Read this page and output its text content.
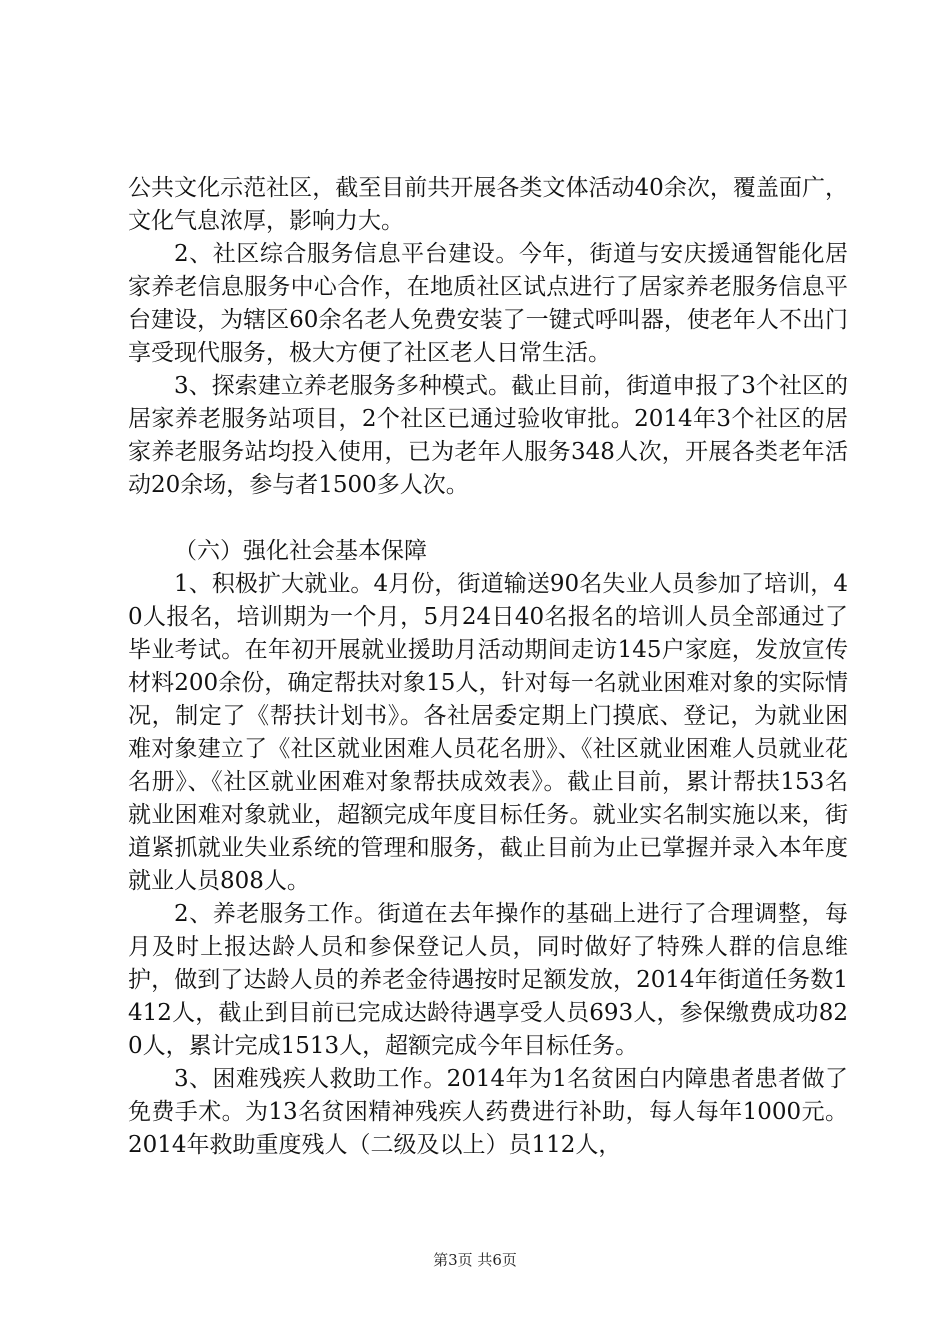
公共文化示范社区，截至目前共开展各类文体活动40余次，覆盖面广，文化气息浓厚，影响力大。

2、社区综合服务信息平台建设。今年，街道与安庆援通智能化居家养老信息服务中心合作，在地质社区试点进行了居家养老服务信息平台建设，为辖区60余名老人免费安装了一键式呼叫器，使老年人不出门享受现代服务，极大方便了社区老人日常生活。

3、探索建立养老服务多种模式。截止目前，街道申报了3个社区的居家养老服务站项目，2个社区已通过验收审批。2014年3个社区的居家养老服务站均投入使用，已为老年人服务348人次，开展各类老年活动20余场，参与者1500多人次。

（六）强化社会基本保障

1、积极扩大就业。4月份，街道输送90名失业人员参加了培训，40人报名，培训期为一个月，5月24日40名报名的培训人员全部通过了毕业考试。在年初开展就业援助月活动期间走访145户家庭，发放宣传材料200余份，确定帮扶对象15人，针对每一名就业困难对象的实际情况，制定了《帮扶计划书》。各社居委定期上门摸底、登记，为就业困难对象建立了《社区就业困难人员花名册》、《社区就业困难人员就业花名册》、《社区就业困难对象帮扶成效表》。截止目前，累计帮扶153名就业困难对象就业，超额完成年度目标任务。就业实名制实施以来，街道紧抓就业失业系统的管理和服务，截止目前为止已掌握并录入本年度就业人员808人。

2、养老服务工作。街道在去年操作的基础上进行了合理调整，每月及时上报达龄人员和参保登记人员，同时做好了特殊人群的信息维护，做到了达龄人员的养老金待遇按时足额发放，2014年街道任务数1412人，截止到目前已完成达龄待遇享受人员693人，参保缴费成功820人，累计完成1513人，超额完成今年目标任务。

3、困难残疾人救助工作。2014年为1名贫困白内障患者患者做了免费手术。为13名贫困精神残疾人药费进行补助，每人每年1000元。2014年救助重度残人（二级及以上）员112人，

第3页 共6页
